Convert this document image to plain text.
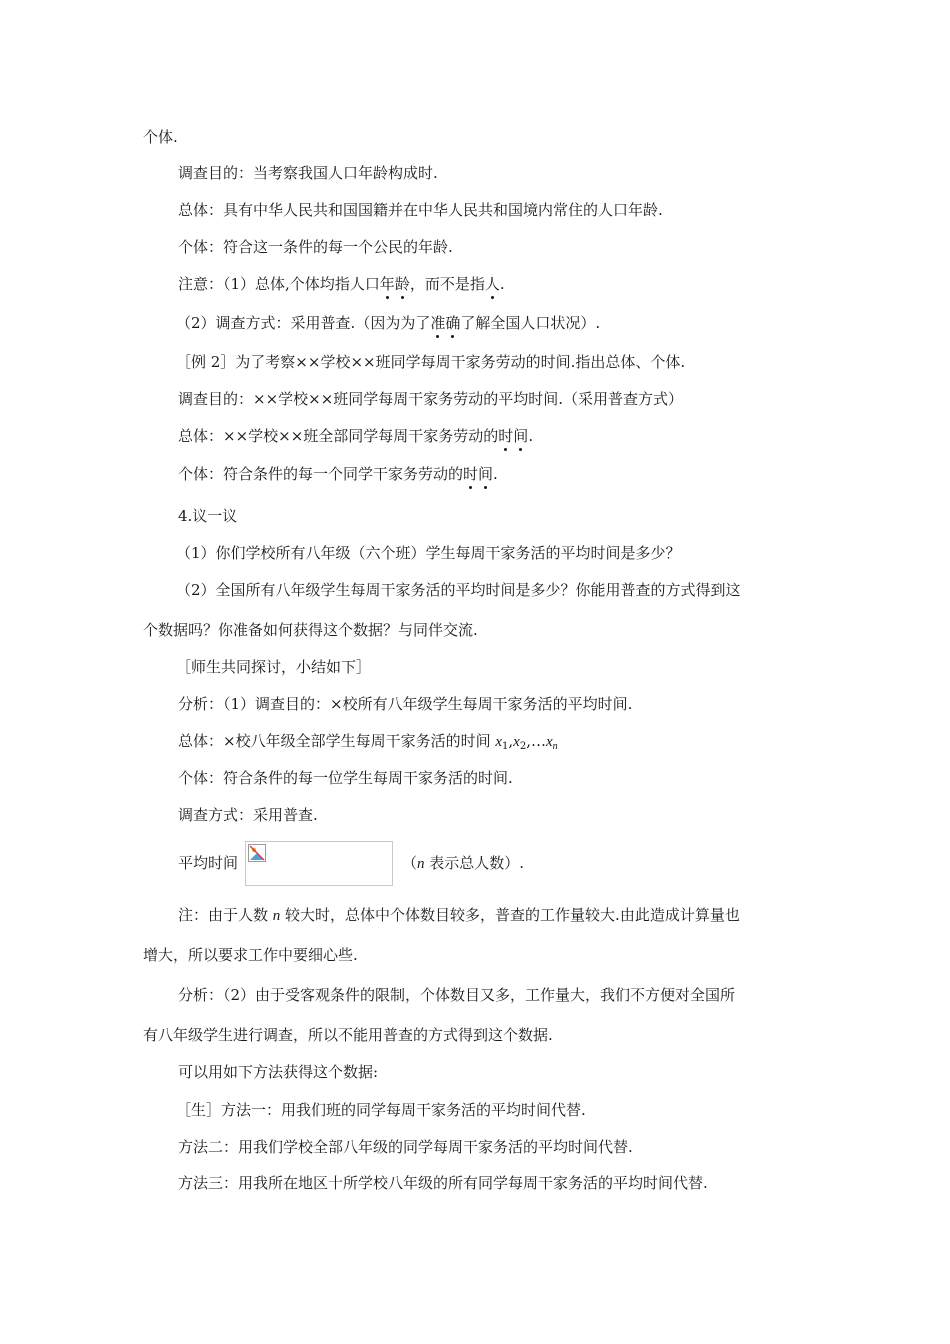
个体.
调查目的：当考察我国人口年龄构成时.
总体：具有中华人民共和国国籍并在中华人民共和国境内常住的人口年龄.
个体：符合这一条件的每一个公民的年龄.
注意：（1）总体,个体均指人口年龄，而不是指人.
（2）调查方式：采用普查.（因为为了准确了解全国人口状况）.
［例 2］为了考察××学校××班同学每周干家务劳动的时间.指出总体、个体.
调查目的：××学校××班同学每周干家务劳动的平均时间.（采用普查方式）
总体：××学校××班全部同学每周干家务劳动的时间.
个体：符合条件的每一个同学干家务劳动的时间.
4.议一议
（1）你们学校所有八年级（六个班）学生每周干家务活的平均时间是多少？
（2）全国所有八年级学生每周干家务活的平均时间是多少？你能用普查的方式得到这
个数据吗？你准备如何获得这个数据？与同伴交流.
［师生共同探讨，小结如下］
分析：（1）调查目的：×校所有八年级学生每周干家务活的平均时间.
总体：×校八年级全部学生每周干家务活的时间 $x_1,x_2,\dots x_n$
个体：符合条件的每一位学生每周干家务活的时间.
调查方式：采用普查.
平均时间	（n 表示总人数）.
注：由于人数 n 较大时，总体中个体数目较多，普查的工作量较大.由此造成计算量也
增大，所以要求工作中要细心些.
分析：（2）由于受客观条件的限制，个体数目又多，工作量大，我们不方便对全国所
有八年级学生进行调查，所以不能用普查的方式得到这个数据.
可以用如下方法获得这个数据:
［生］方法一：用我们班的同学每周干家务活的平均时间代替.
方法二：用我们学校全部八年级的同学每周干家务活的平均时间代替.
方法三：用我所在地区十所学校八年级的所有同学每周干家务活的平均时间代替.
